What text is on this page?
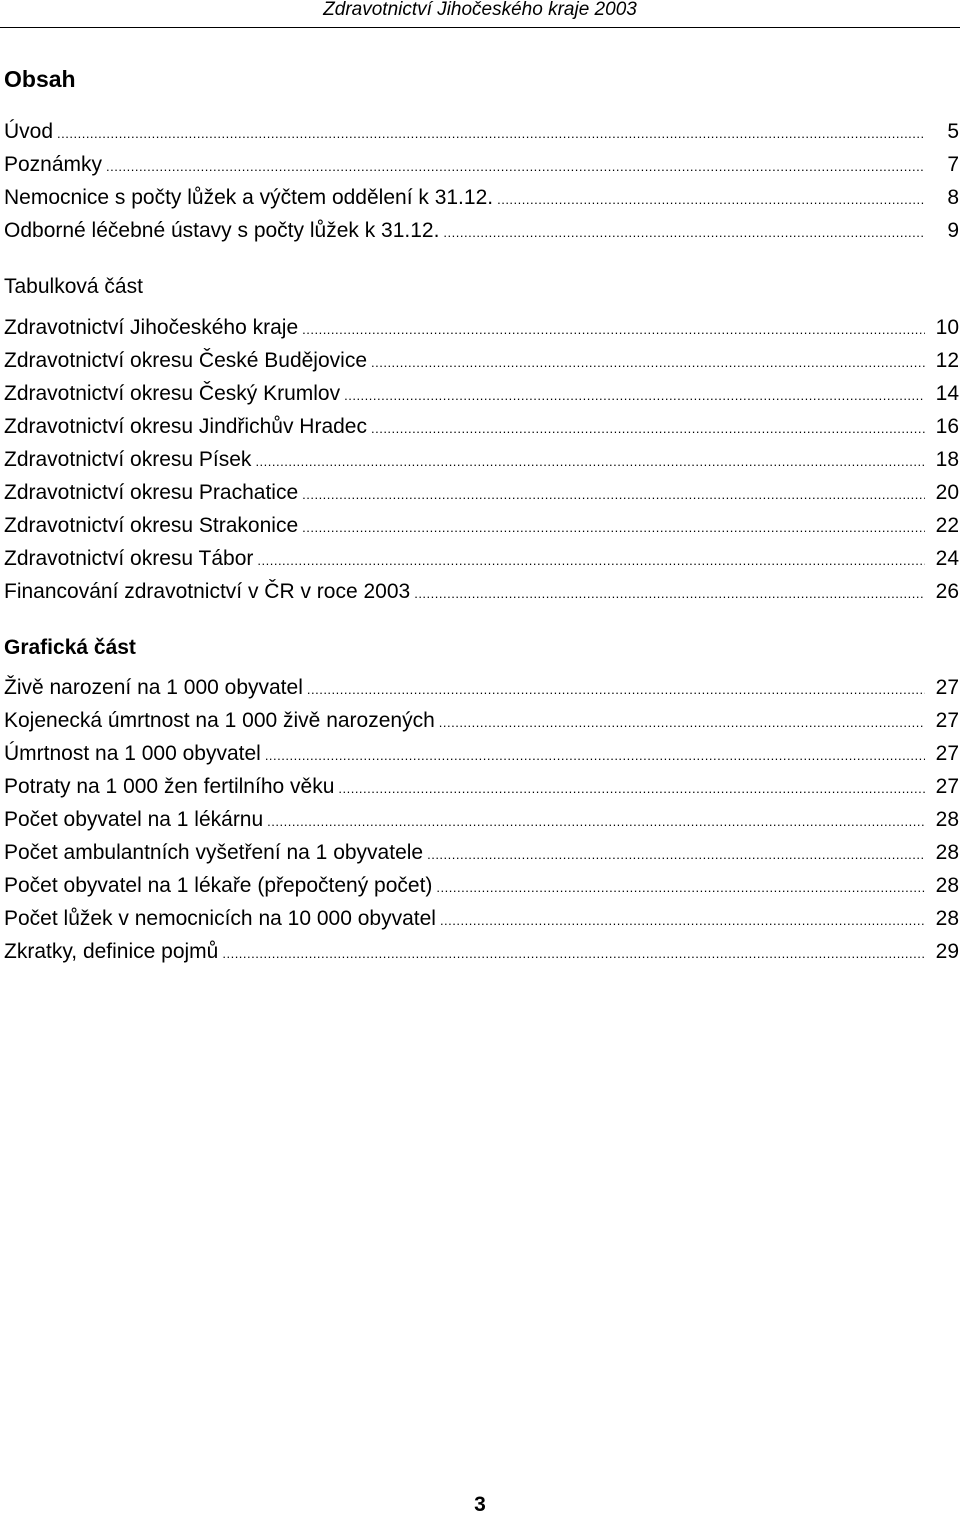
Zdravotnictví Jihočeského kraje 2003
Obsah
Úvod .....	5
Poznámky .....	7
Nemocnice s počty lůžek a výčtem oddělení k 31.12. .....	8
Odborné léčebné ústavy s počty lůžek k 31.12. .....	9
Tabulková část
Zdravotnictví Jihočeského kraje .....	10
Zdravotnictví okresu České Budějovice .....	12
Zdravotnictví okresu Český Krumlov .....	14
Zdravotnictví okresu Jindřichův Hradec .....	16
Zdravotnictví okresu Písek .....	18
Zdravotnictví okresu Prachatice .....	20
Zdravotnictví okresu Strakonice .....	22
Zdravotnictví okresu Tábor .....	24
Financování zdravotnictví v ČR v roce 2003 .....	26
Grafická část
Živě narození na 1 000 obyvatel .....	27
Kojenecká úmrtnost na 1 000 živě narozených .....	27
Úmrtnost na 1 000 obyvatel .....	27
Potraty na 1 000 žen fertilního věku .....	27
Počet obyvatel na 1 lékárnu .....	28
Počet ambulantních vyšetření na 1 obyvatele .....	28
Počet obyvatel na 1 lékaře (přepočtený počet) .....	28
Počet lůžek v nemocnicích na 10 000 obyvatel .....	28
Zkratky, definice pojmů .....	29
3
